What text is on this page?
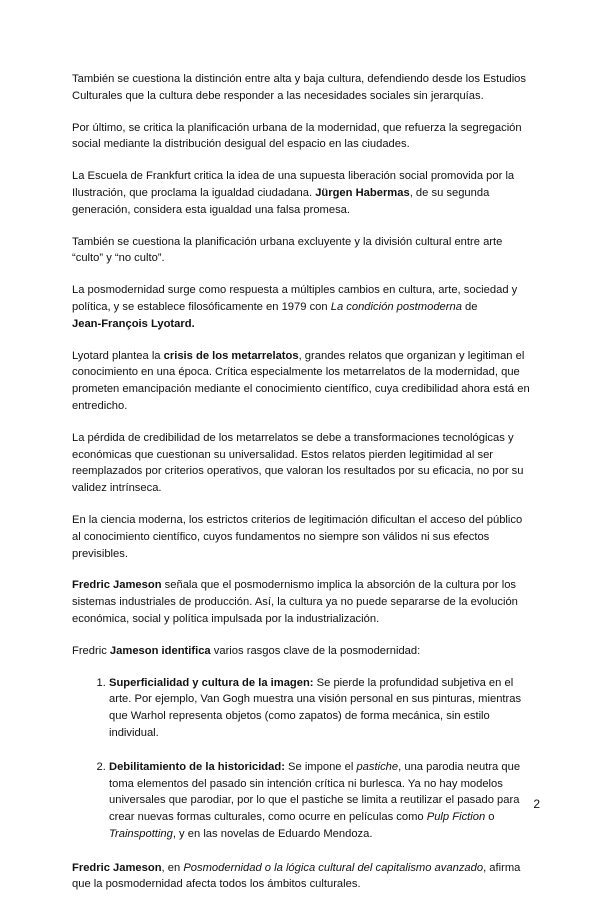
También se cuestiona la distinción entre alta y baja cultura, defendiendo desde los Estudios Culturales que la cultura debe responder a las necesidades sociales sin jerarquías.

Por último, se critica la planificación urbana de la modernidad, que refuerza la segregación social mediante la distribución desigual del espacio en las ciudades.

La Escuela de Frankfurt critica la idea de una supuesta liberación social promovida por la Ilustración, que proclama la igualdad ciudadana. Jürgen Habermas, de su segunda generación, considera esta igualdad una falsa promesa.

También se cuestiona la planificación urbana excluyente y la división cultural entre arte “culto” y “no culto”.

La posmodernidad surge como respuesta a múltiples cambios en cultura, arte, sociedad y política, y se establece filosóficamente en 1979 con La condición postmoderna de
Jean-François Lyotard.

Lyotard plantea la crisis de los metarrelatos, grandes relatos que organizan y legitiman el conocimiento en una época. Crítica especialmente los metarrelatos de la modernidad, que prometen emancipación mediante el conocimiento científico, cuya credibilidad ahora está en entredicho.

La pérdida de credibilidad de los metarrelatos se debe a transformaciones tecnológicas y económicas que cuestionan su universalidad. Estos relatos pierden legitimidad al ser reemplazados por criterios operativos, que valoran los resultados por su eficacia, no por su validez intrínseca.

En la ciencia moderna, los estrictos criterios de legitimación dificultan el acceso del público al conocimiento científico, cuyos fundamentos no siempre son válidos ni sus efectos previsibles.

Fredric Jameson señala que el posmodernismo implica la absorción de la cultura por los sistemas industriales de producción. Así, la cultura ya no puede separarse de la evolución económica, social y política impulsada por la industrialización.

Fredric Jameson identifica varios rasgos clave de la posmodernidad:

1. Superficialidad y cultura de la imagen: Se pierde la profundidad subjetiva en el arte. Por ejemplo, Van Gogh muestra una visión personal en sus pinturas, mientras que Warhol representa objetos (como zapatos) de forma mecánica, sin estilo individual.
2. Debilitamiento de la historicidad: Se impone el pastiche, una parodia neutra que toma elementos del pasado sin intención crítica ni burlesca. Ya no hay modelos universales que parodiar, por lo que el pastiche se limita a reutilizar el pasado para crear nuevas formas culturales, como ocurre en películas como Pulp Fiction o Trainspotting, y en las novelas de Eduardo Mendoza.

Fredric Jameson, en Posmodernidad o la lógica cultural del capitalismo avanzado, afirma que la posmodernidad afecta todos los ámbitos culturales.

2
